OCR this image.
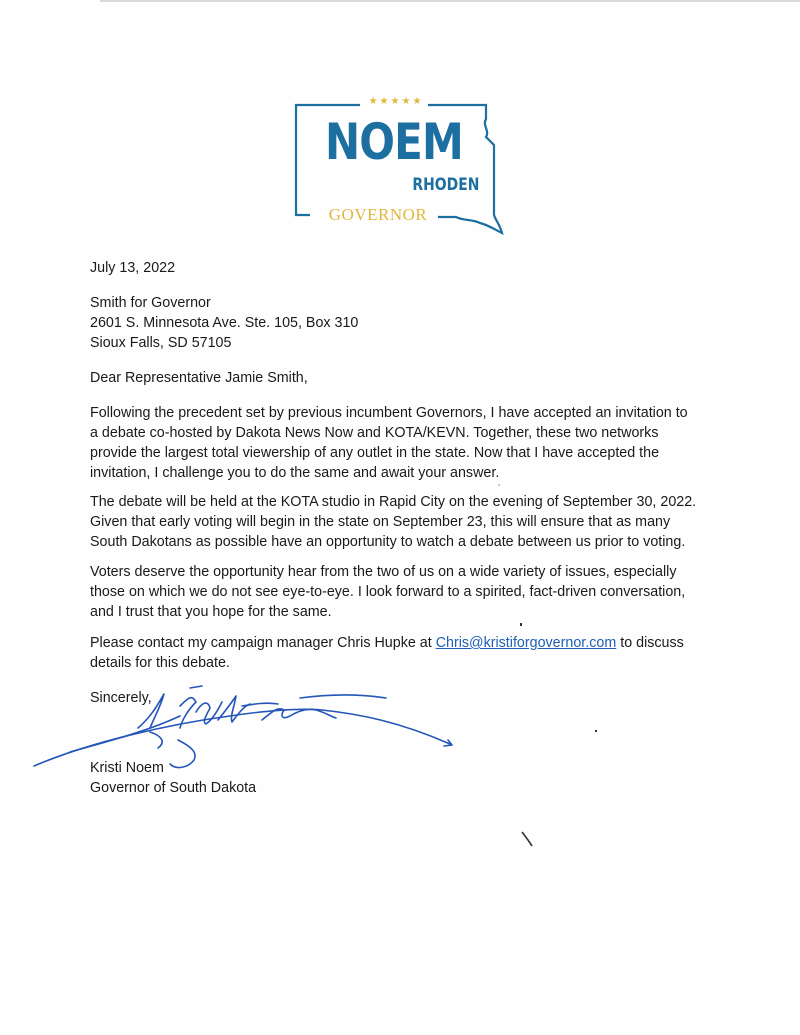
★★★★★
NOEM
RHODEN
GOVERNOR
July 13, 2022
Smith for Governor
2601 S. Minnesota Ave. Ste. 105, Box 310
Sioux Falls, SD 57105
Dear Representative Jamie Smith,
Following the precedent set by previous incumbent Governors, I have accepted an invitation to
a debate co-hosted by Dakota News Now and KOTA/KEVN. Together, these two networks
provide the largest total viewership of any outlet in the state. Now that I have accepted the
invitation, I challenge you to do the same and await your answer.
The debate will be held at the KOTA studio in Rapid City on the evening of September 30, 2022.
Given that early voting will begin in the state on September 23, this will ensure that as many
South Dakotans as possible have an opportunity to watch a debate between us prior to voting.
Voters deserve the opportunity hear from the two of us on a wide variety of issues, especially
those on which we do not see eye-to-eye. I look forward to a spirited, fact-driven conversation,
and I trust that you hope for the same.
Please contact my campaign manager Chris Hupke at Chris@kristiforgovernor.com to discuss
details for this debate.
Sincerely,
Kristi Noem
Governor of South Dakota
